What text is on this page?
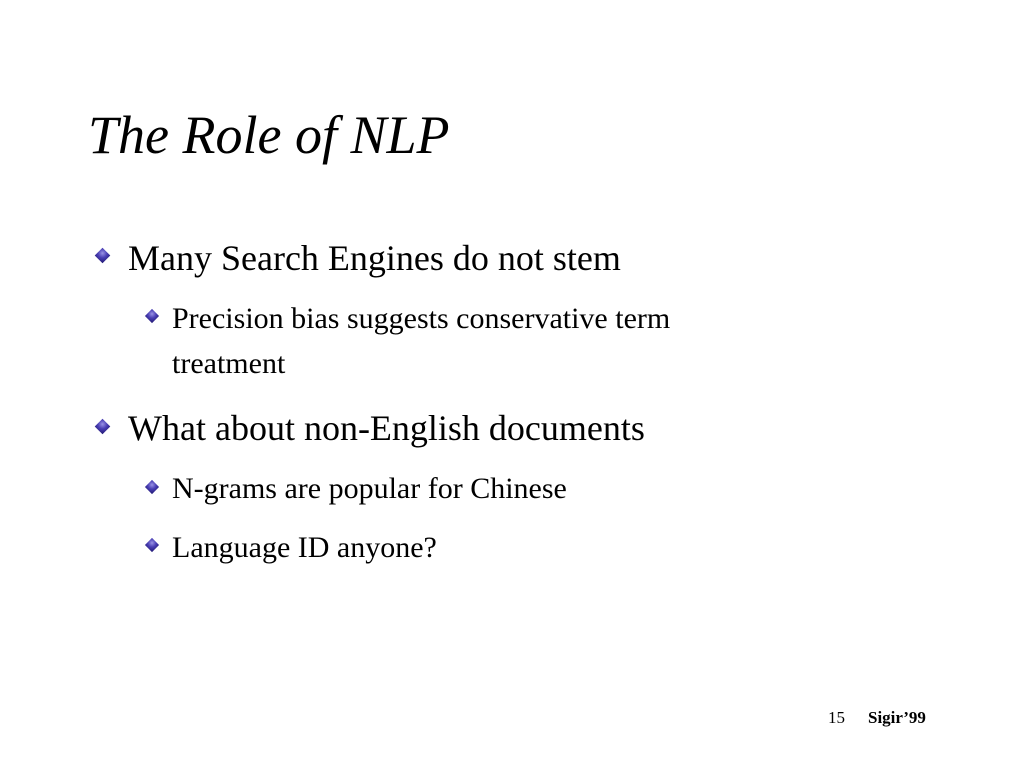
The Role of NLP

Many Search Engines do not stem

Precision bias suggests conservative term

treatment

What about non-English documents

N-grams are popular for Chinese

Language ID anyone?

15 Sigir’99
